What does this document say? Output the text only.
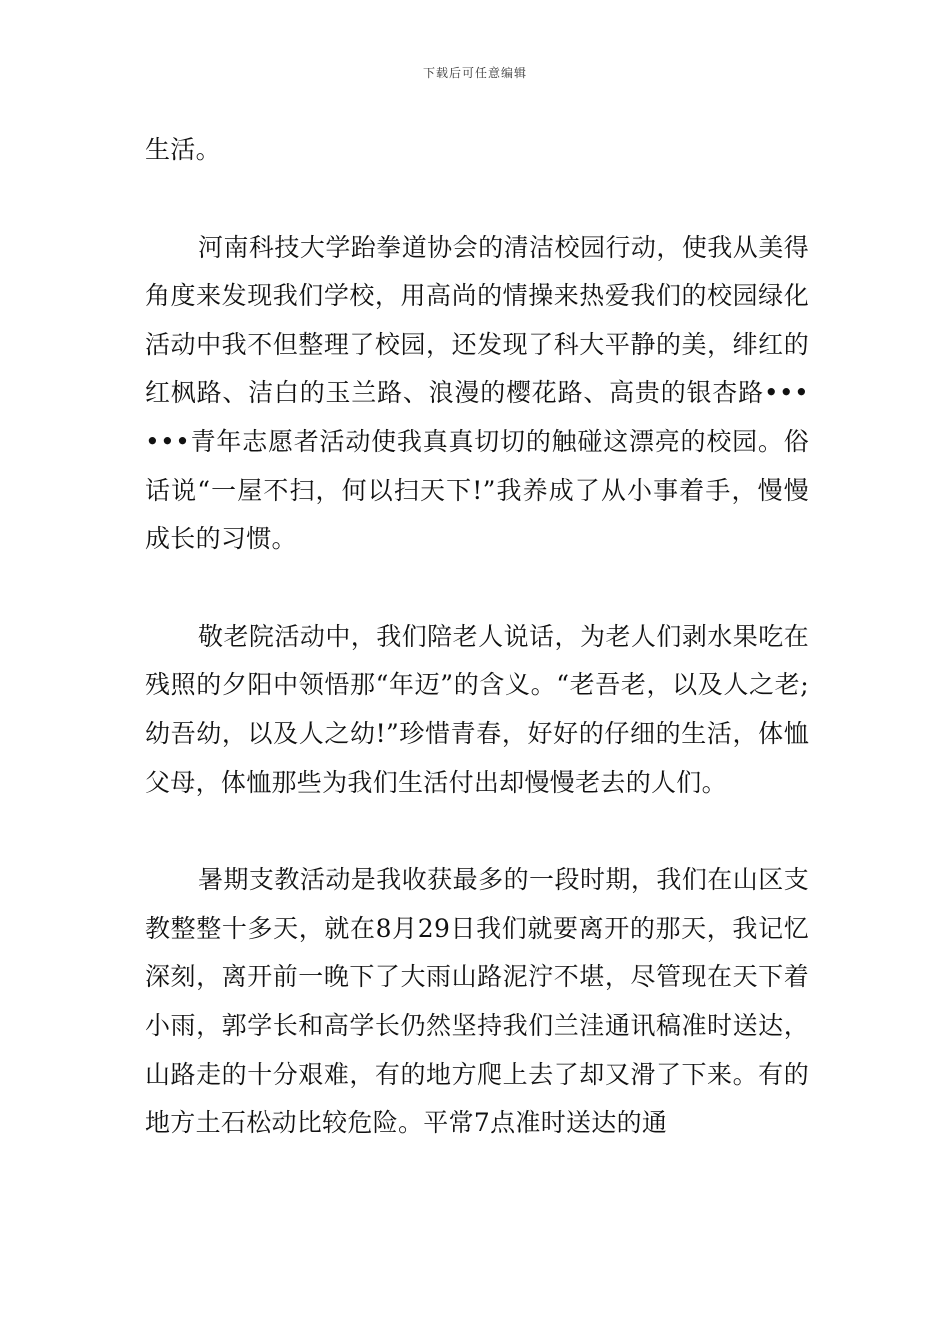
下载后可任意编辑

生活。

河南科技大学跆拳道协会的清洁校园行动，使我从美得角度来发现我们学校，用高尚的情操来热爱我们的校园绿化活动中我不但整理了校园，还发现了科大平静的美，绯红的红枫路、洁白的玉兰路、浪漫的樱花路、高贵的银杏路••••••青年志愿者活动使我真真切切的触碰这漂亮的校园。俗话说“一屋不扫，何以扫天下!”我养成了从小事着手，慢慢成长的习惯。

敬老院活动中，我们陪老人说话，为老人们剥水果吃在残照的夕阳中领悟那“年迈”的含义。“老吾老，以及人之老;幼吾幼，以及人之幼!”珍惜青春，好好的仔细的生活，体恤父母，体恤那些为我们生活付出却慢慢老去的人们。

暑期支教活动是我收获最多的一段时期，我们在山区支教整整十多天，就在8月29日我们就要离开的那天，我记忆深刻，离开前一晚下了大雨山路泥泞不堪，尽管现在天下着小雨，郭学长和高学长仍然坚持我们兰洼通讯稿准时送达，山路走的十分艰难，有的地方爬上去了却又滑了下来。有的地方土石松动比较危险。平常7点准时送达的通
